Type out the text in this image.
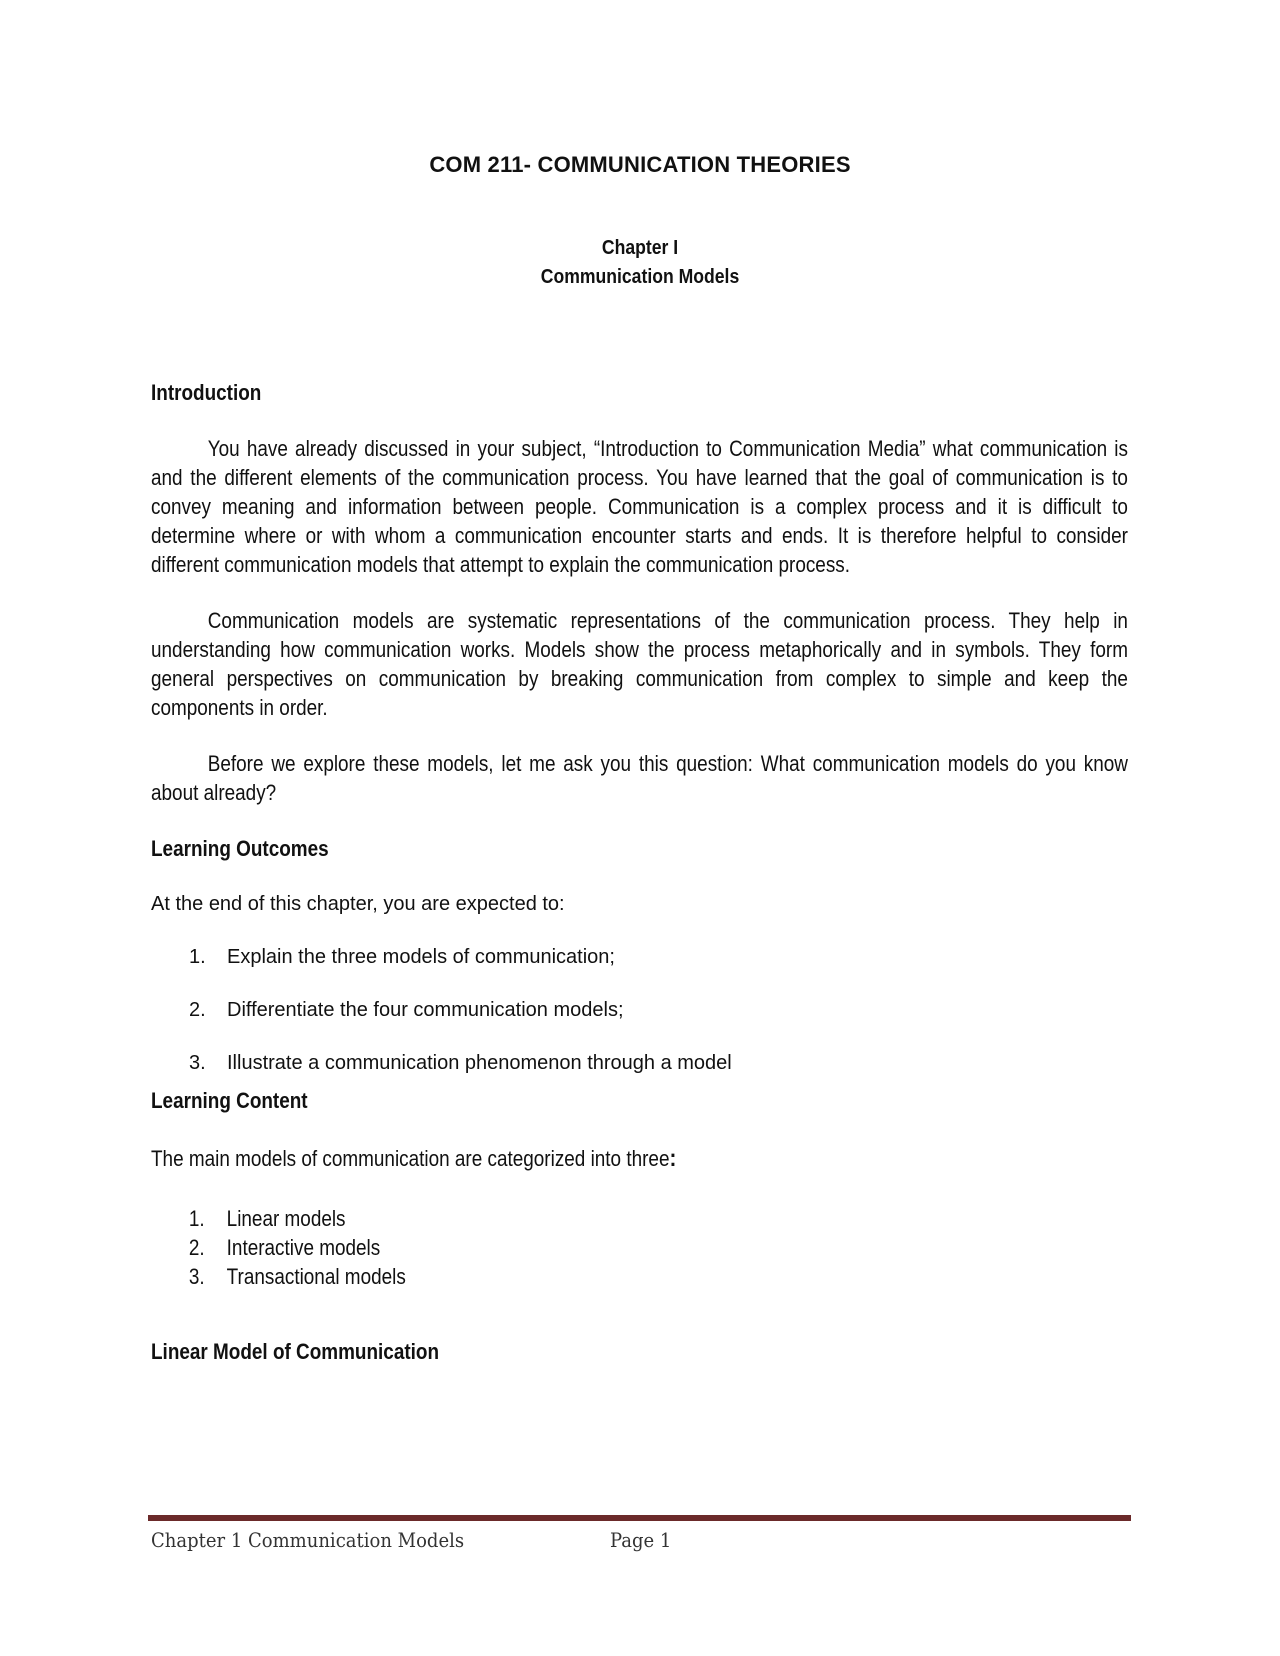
COM 211- COMMUNICATION THEORIES
Chapter I
Communication Models

Introduction

You have already discussed in your subject, “Introduction to Communication Media” what communication is and the different elements of the communication process. You have learned that the goal of communication is to convey meaning and information between people. Communication is a complex process and it is difficult to determine where or with whom a communication encounter starts and ends. It is therefore helpful to consider different communication models that attempt to explain the communication process.

Communication models are systematic representations of the communication process. They help in understanding how communication works. Models show the process metaphorically and in symbols. They form general perspectives on communication by breaking communication from complex to simple and keep the components in order.

Before we explore these models, let me ask you this question: What communication models do you know about already?

Learning Outcomes

At the end of this chapter, you are expected to:

1. Explain the three models of communication;
2. Differentiate the four communication models;
3. Illustrate a communication phenomenon through a model

Learning Content

The main models of communication are categorized into three:

1. Linear models
2. Interactive models
3. Transactional models

Linear Model of Communication

Chapter 1 Communication Models	Page 1
